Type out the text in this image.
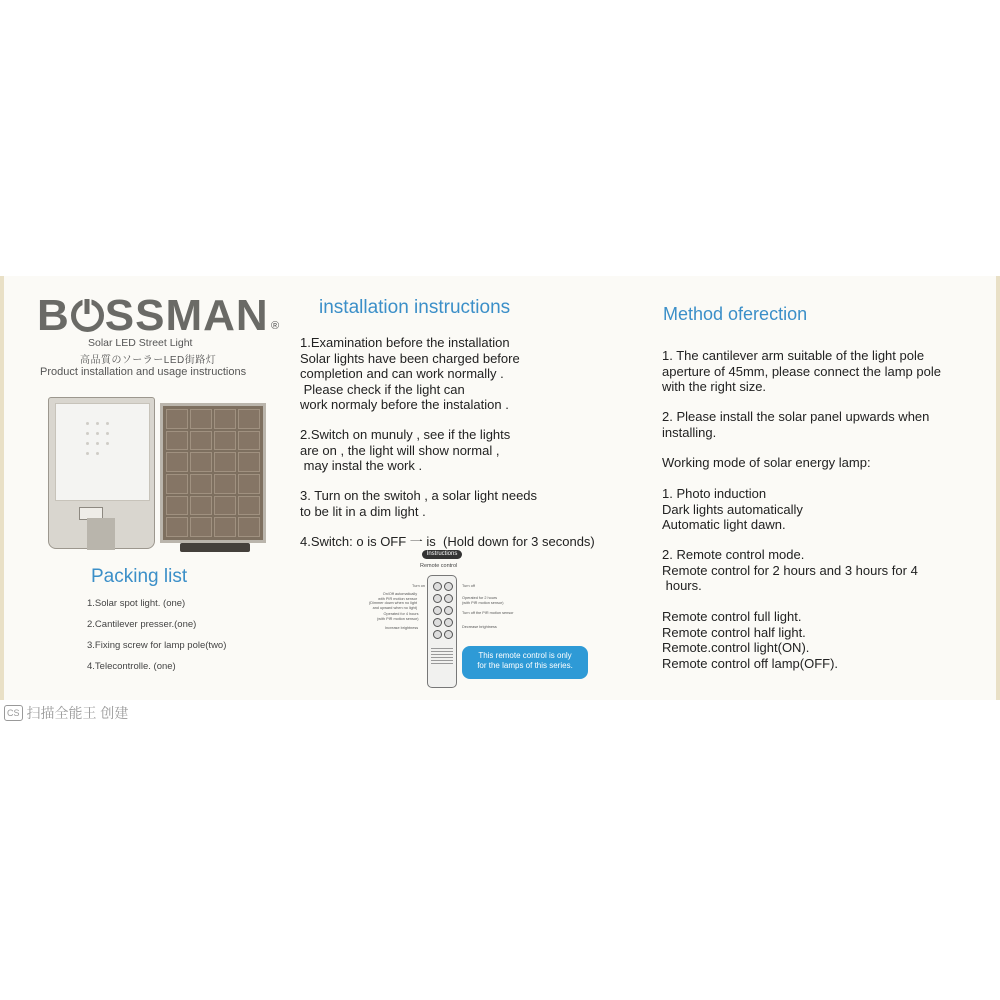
B SSMAN ®
Solar LED Street Light
高品質のソーラーLED街路灯
Product installation and usage instructions
Packing list
1.Solar spot light. (one)
2.Cantilever presser.(one)
3.Fixing screw for lamp pole(two)
4.Telecontrolle. (one)
CS 扫描全能王 创建
installation instructions
1.Examination before the installation
Solar lights have been charged before
completion and can work normally .
Please check if the light can
work normaly before the instalation .
2.Switch on munuly , see if the lights
are on , the light will show normal ,
may instal the work .
3. Turn on the switoh , a solar light needs
to be lit in a dim light .
4.Switch: o is OFF 一 is  (Hold down for 3 seconds)
Instructions
Remote control
Turn on
On/Off automatically
with PIR motion sensor
(Dimmer down when no light
and upward when no light)
Operated for 4 hours
(with PIR motion sensor)
Increase brightness
Turn off
Operated for 2 hours
(with PIR motion sensor)
Turn off the PIR motion sensor
Decrease brightness
This remote control is only
for the lamps of this series.
Method oferection
1. The cantilever arm suitable of the light pole
aperture of 45mm, please connect the lamp pole
with the right size.
2. Please install the solar panel upwards when
installing.
Working mode of solar energy lamp:
1. Photo induction
Dark lights automatically
Automatic light dawn.
2. Remote control mode.
Remote control for 2 hours and 3 hours for 4
hours.
Remote control full light.
Remote control half light.
Remote.control light(ON).
Remote control off lamp(OFF).
